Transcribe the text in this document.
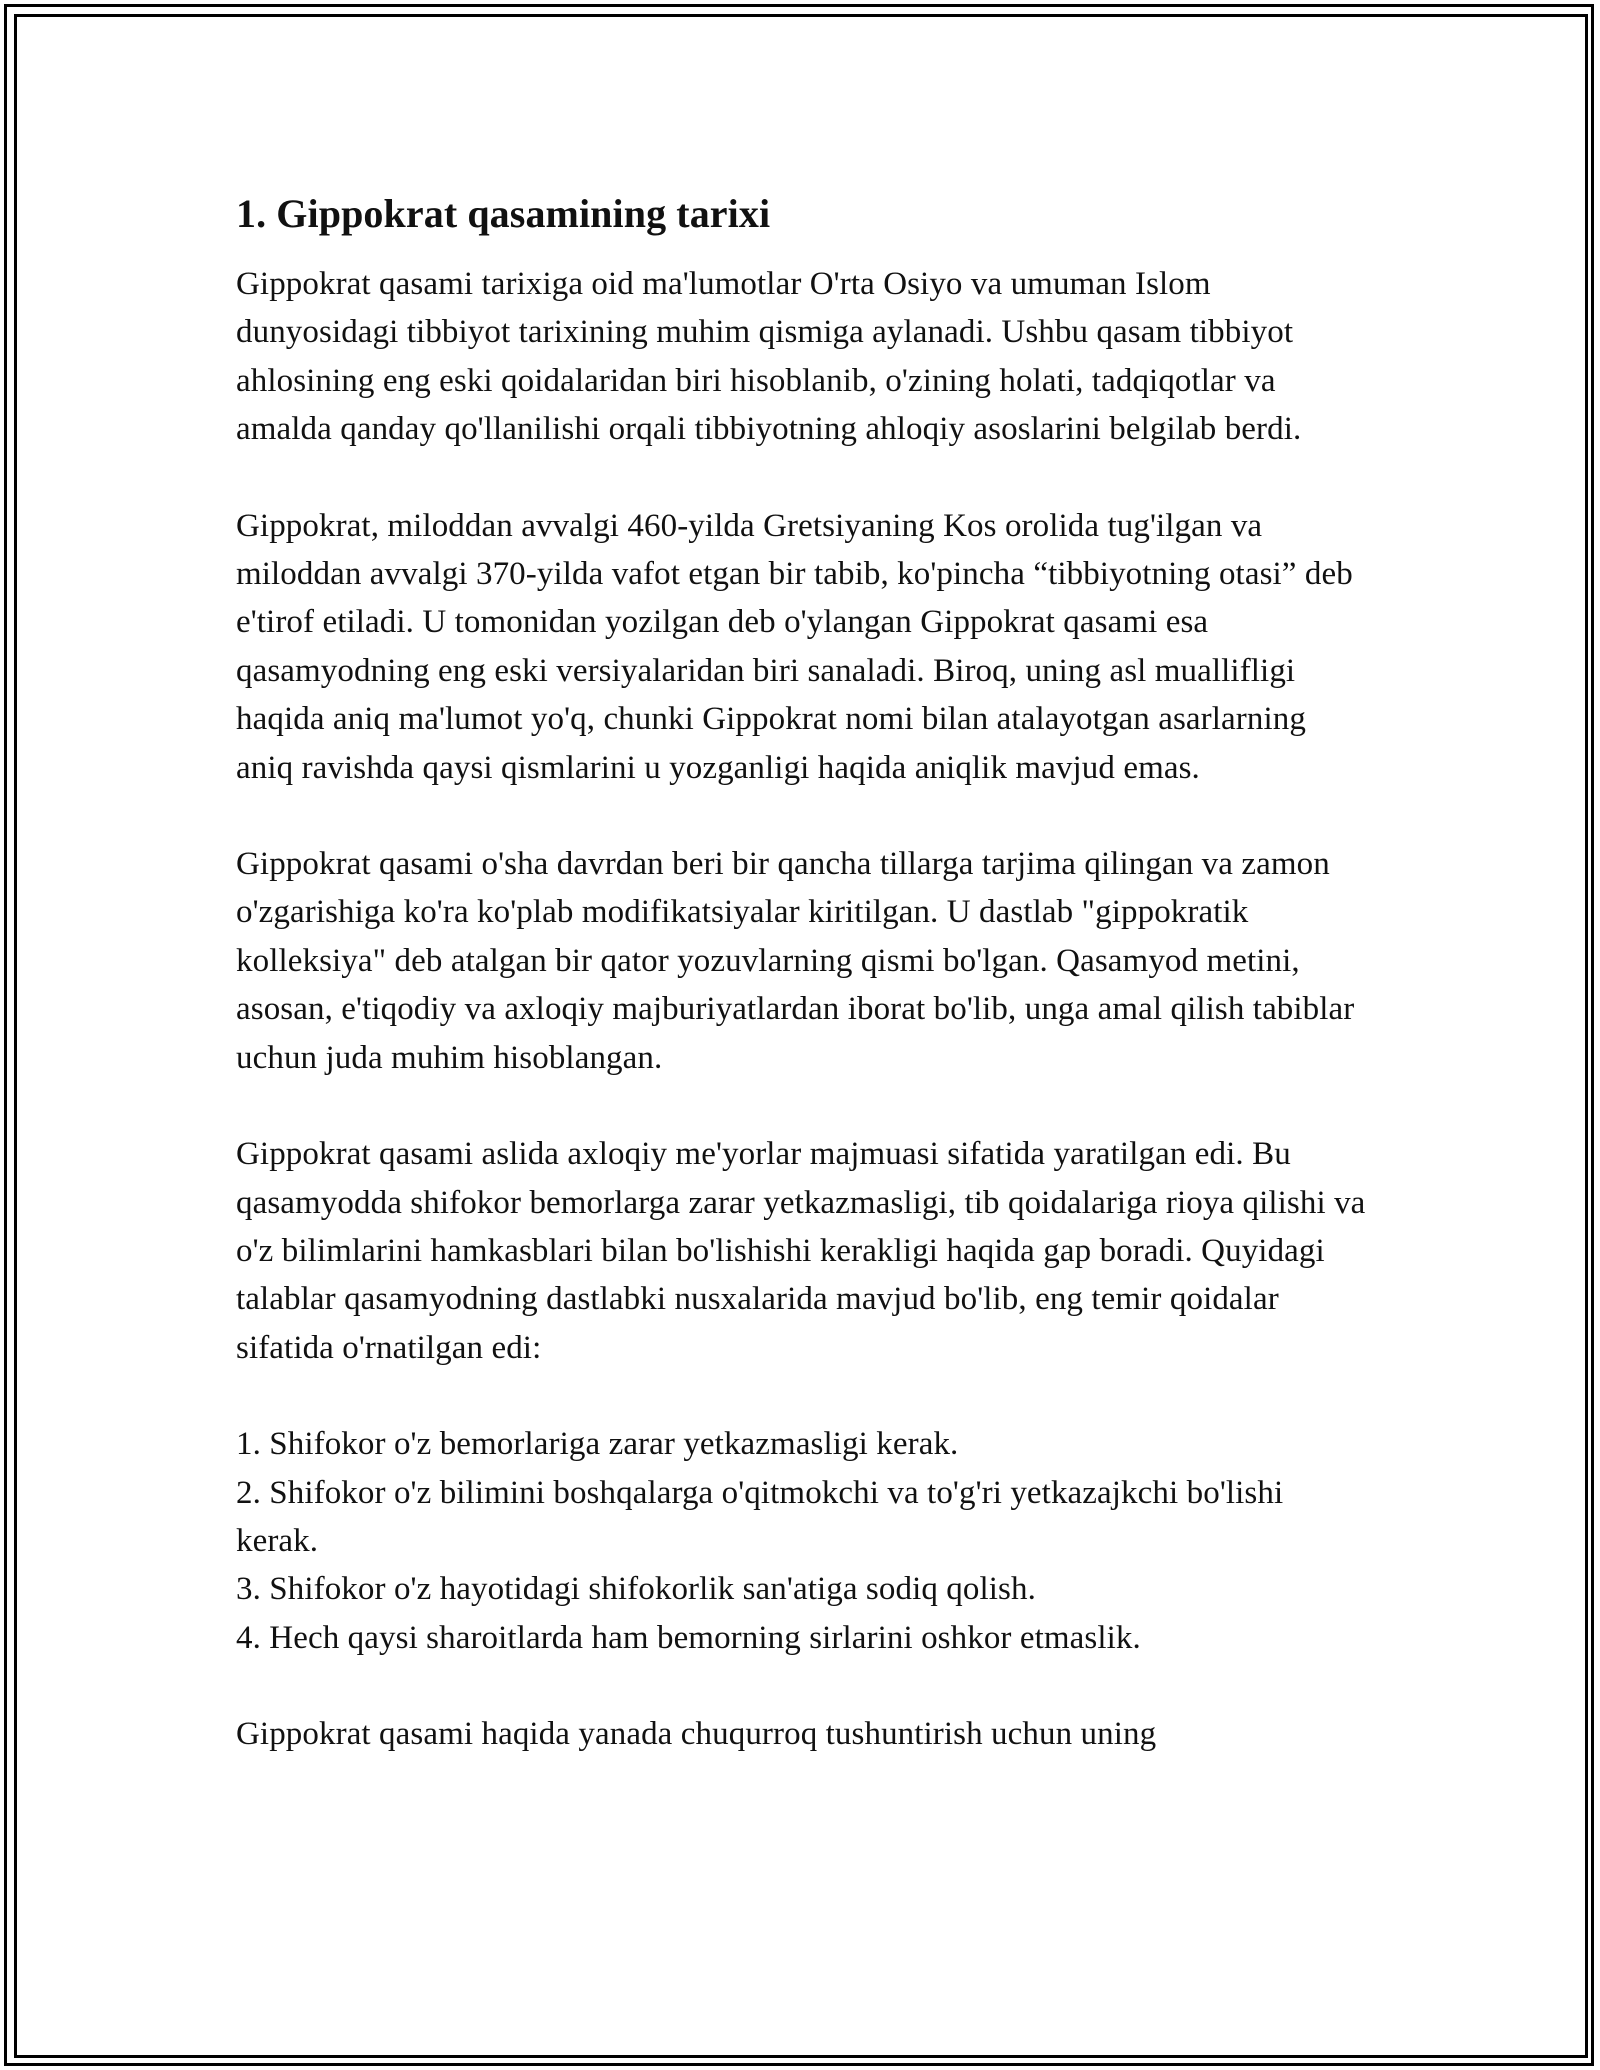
1. Gippokrat qasamining tarixi

Gippokrat qasami tarixiga oid ma'lumotlar O'rta Osiyo va umuman Islom dunyosidagi tibbiyot tarixining muhim qismiga aylanadi. Ushbu qasam tibbiyot ahlosining eng eski qoidalaridan biri hisoblanib, o'zining holati, tadqiqotlar va amalda qanday qo'llanilishi orqali tibbiyotning ahloqiy asoslarini belgilab berdi.

Gippokrat, miloddan avvalgi 460-yilda Gretsiyaning Kos orolida tug'ilgan va miloddan avvalgi 370-yilda vafot etgan bir tabib, ko'pincha “tibbiyotning otasi” deb e'tirof etiladi. U tomonidan yozilgan deb o'ylangan Gippokrat qasami esa qasamyodning eng eski versiyalaridan biri sanaladi. Biroq, uning asl muallifligi haqida aniq ma'lumot yo'q, chunki Gippokrat nomi bilan atalayotgan asarlarning aniq ravishda qaysi qismlarini u yozganligi haqida aniqlik mavjud emas.

Gippokrat qasami o'sha davrdan beri bir qancha tillarga tarjima qilingan va zamon o'zgarishiga ko'ra ko'plab modifikatsiyalar kiritilgan. U dastlab "gippokratik kolleksiya" deb atalgan bir qator yozuvlarning qismi bo'lgan. Qasamyod metini, asosan, e'tiqodiy va axloqiy majburiyatlardan iborat bo'lib, unga amal qilish tabiblar uchun juda muhim hisoblangan.

Gippokrat qasami aslida axloqiy me'yorlar majmuasi sifatida yaratilgan edi. Bu qasamyodda shifokor bemorlarga zarar yetkazmasligi, tib qoidalariga rioya qilishi va o'z bilimlarini hamkasblari bilan bo'lishishi kerakligi haqida gap boradi. Quyidagi talablar qasamyodning dastlabki nusxalarida mavjud bo'lib, eng temir qoidalar sifatida o'rnatilgan edi:

1. Shifokor o'z bemorlariga zarar yetkazmasligi kerak.
2. Shifokor o'z bilimini boshqalarga o'qitmokchi va to'g'ri yetkazajkchi bo'lishi kerak.
3. Shifokor o'z hayotidagi shifokorlik san'atiga sodiq qolish.
4. Hech qaysi sharoitlarda ham bemorning sirlarini oshkor etmaslik.

Gippokrat qasami haqida yanada chuqurroq tushuntirish uchun uning
